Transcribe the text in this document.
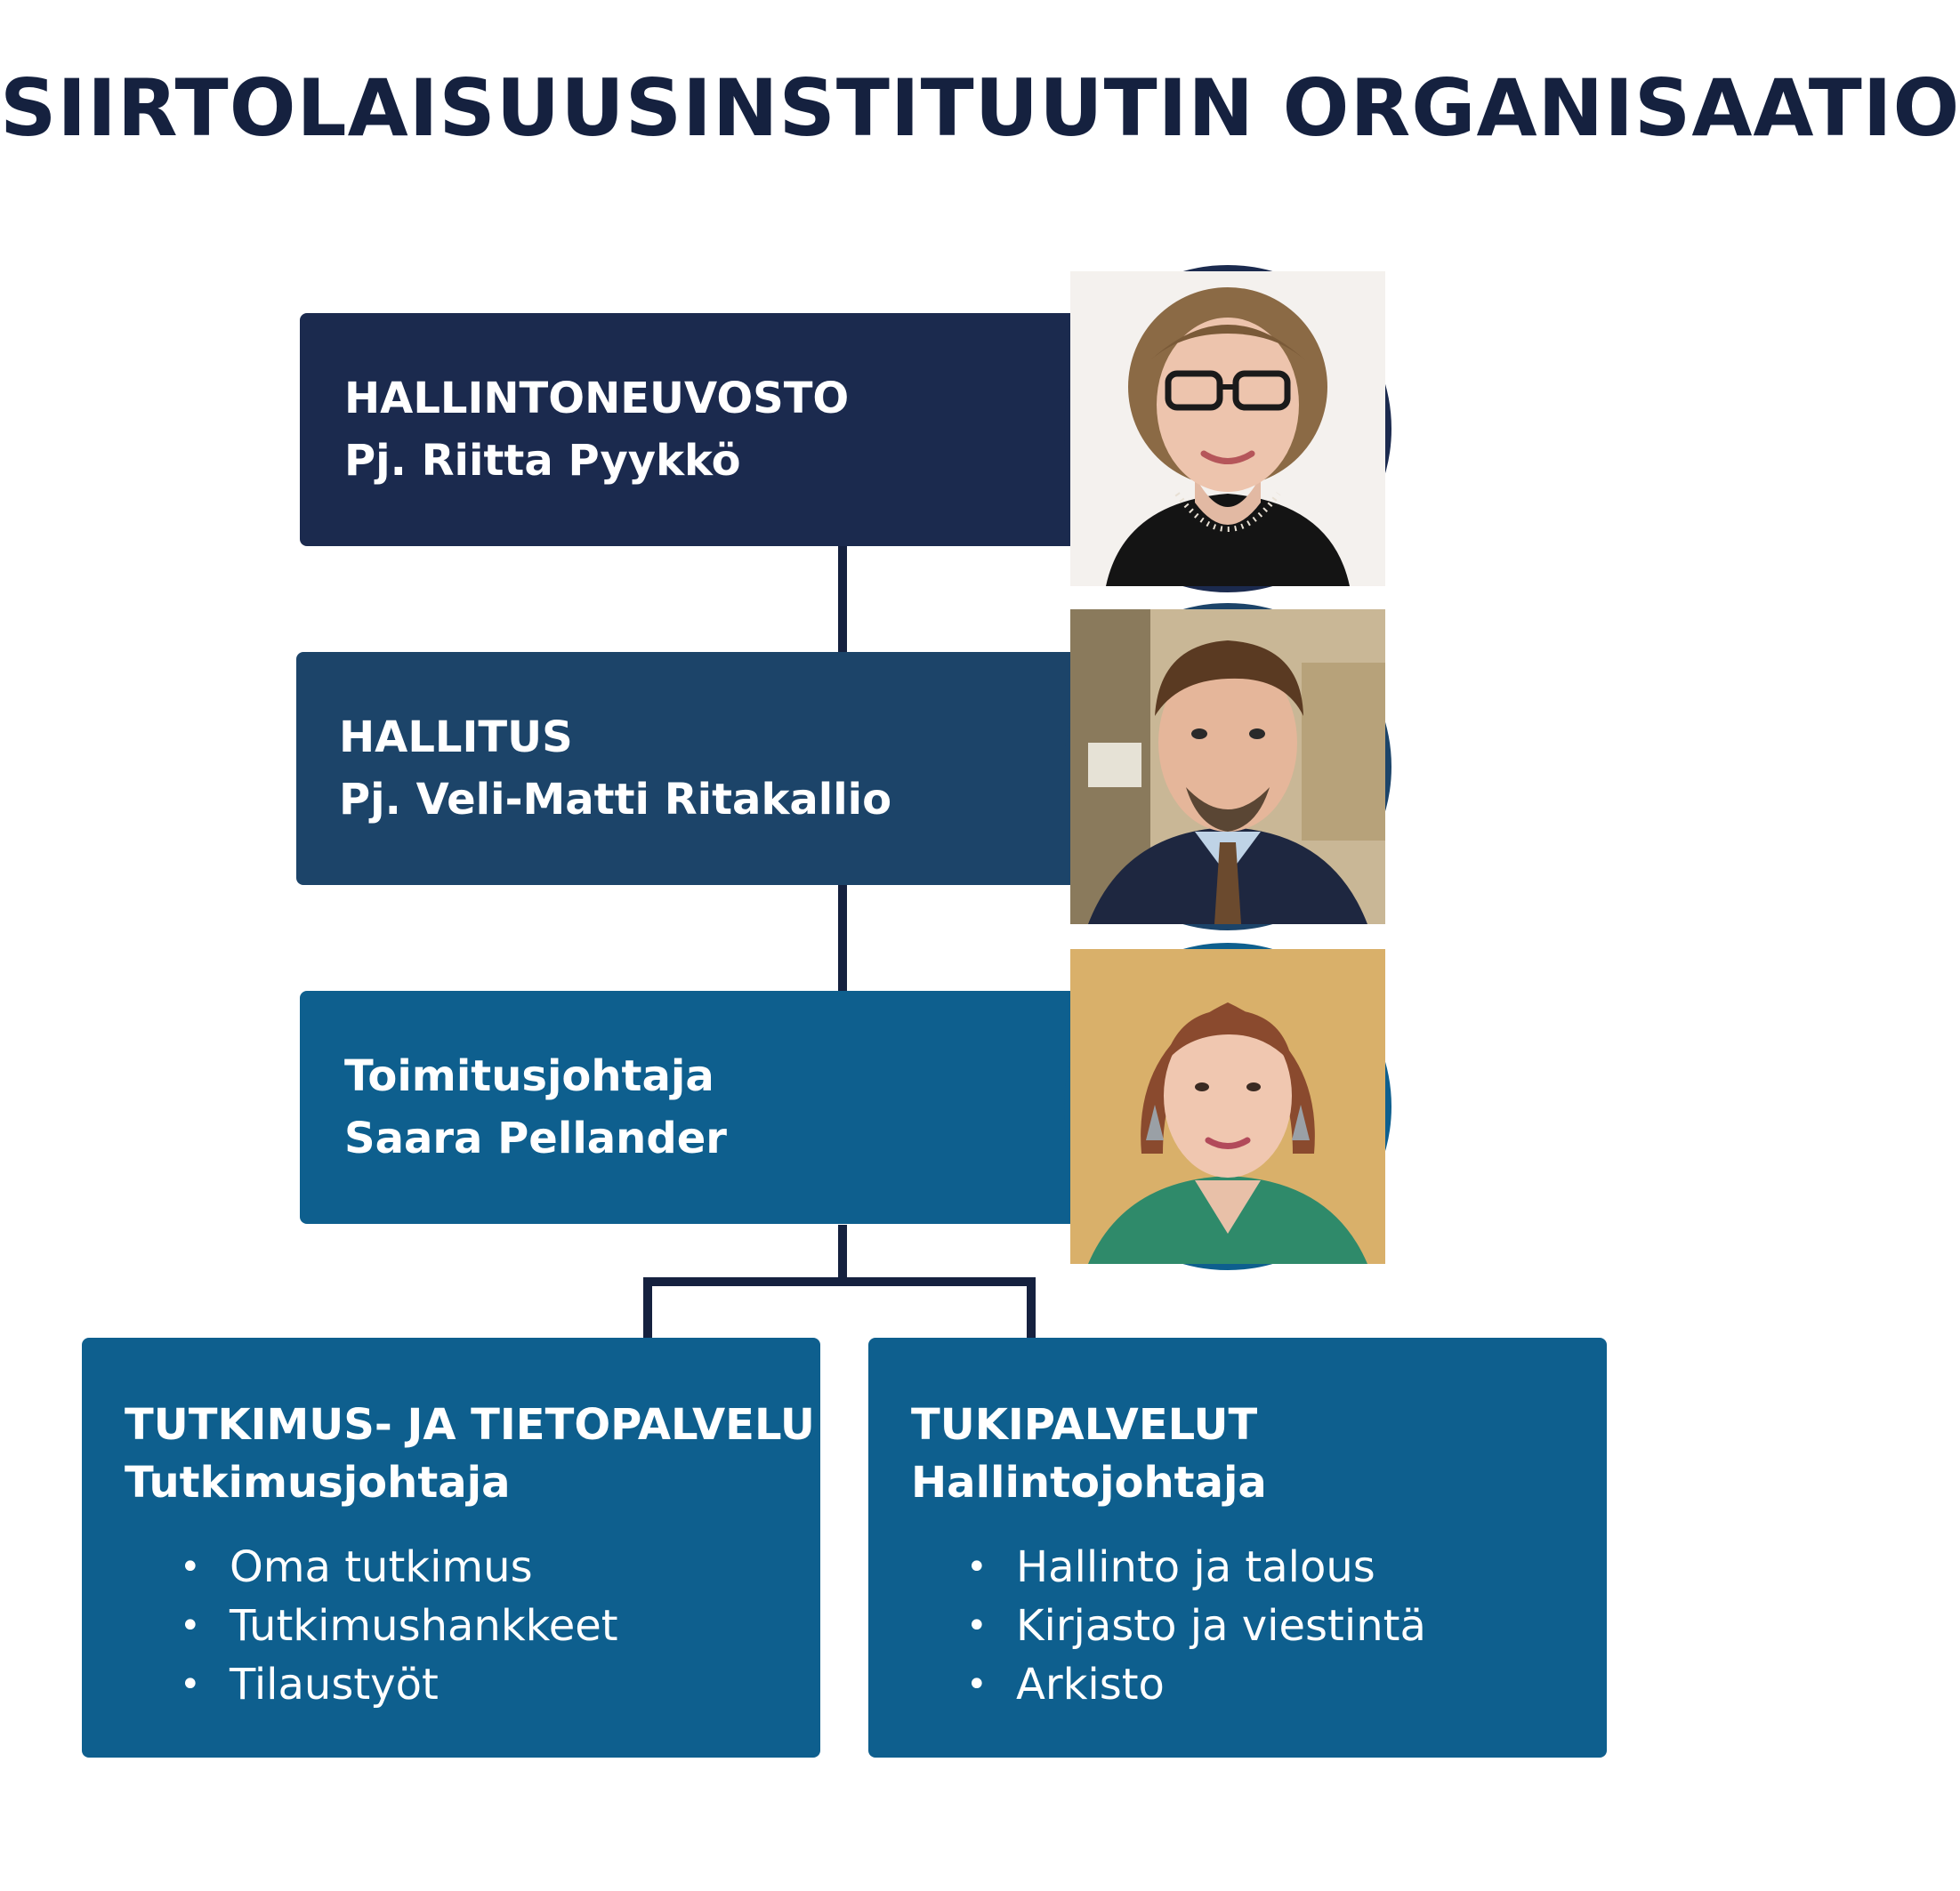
SIIRTOLAISUUSINSTITUUTIN ORGANISAATIO
HALLINTONEUVOSTO
Pj. Riitta Pyykkö
HALLITUS
Pj. Veli-Matti Ritakallio
Toimitusjohtaja
Saara Pellander
TUTKIMUS- JA TIETOPALVELU
Tutkimusjohtaja
• Oma tutkimus
• Tutkimushankkeet
• Tilaustyöt
TUKIPALVELUT
Hallintojohtaja
• Hallinto ja talous
• Kirjasto ja viestintä
• Arkisto
